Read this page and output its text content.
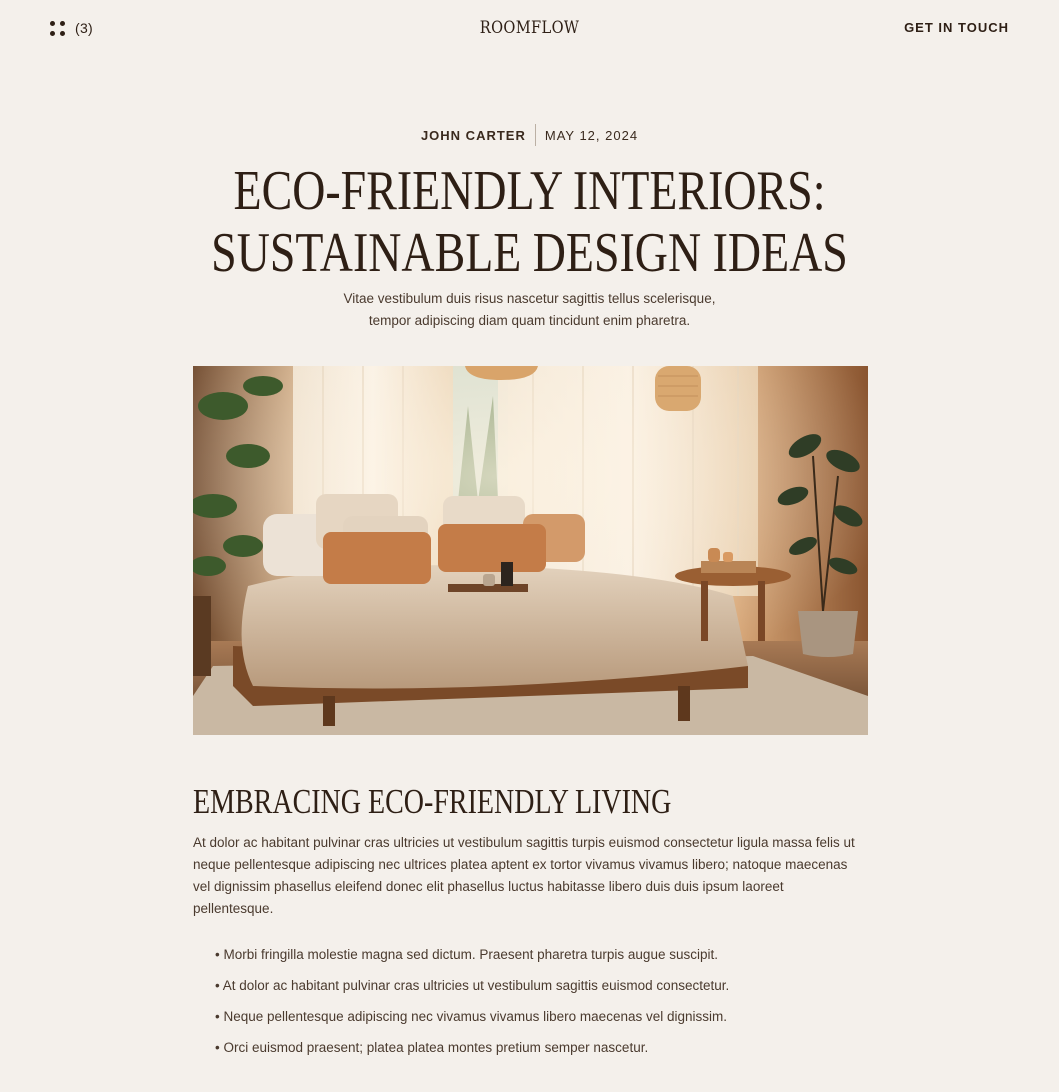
(3)	ROOMFLOW	GET IN TOUCH
JOHN CARTER	MAY 12, 2024
ECO-FRIENDLY INTERIORS:
SUSTAINABLE DESIGN IDEAS

Vitae vestibulum duis risus nascetur sagittis tellus scelerisque,
tempor adipiscing diam quam tincidunt enim pharetra.

EMBRACING ECO-FRIENDLY LIVING

At dolor ac habitant pulvinar cras ultricies ut vestibulum sagittis turpis euismod consectetur ligula massa felis ut neque pellentesque adipiscing nec ultrices platea aptent ex tortor vivamus vivamus libero; natoque maecenas vel dignissim phasellus eleifend donec elit phasellus luctus habitasse libero duis duis ipsum laoreet pellentesque.

• Morbi fringilla molestie magna sed dictum. Praesent pharetra turpis augue suscipit.
• At dolor ac habitant pulvinar cras ultricies ut vestibulum sagittis euismod consectetur.
• Neque pellentesque adipiscing nec vivamus vivamus libero maecenas vel dignissim.
• Orci euismod praesent; platea platea montes pretium semper nascetur.
